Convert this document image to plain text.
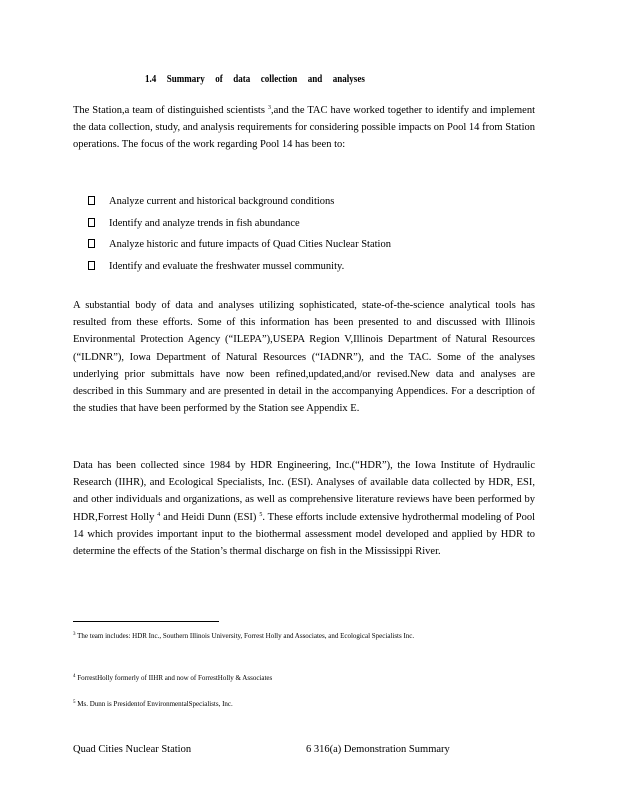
1.4 Summary of data collection and analyses

The Station,a team of distinguished scientists $^3$,and the TAC have worked together to identify and implement the data collection, study, and analysis requirements for considering possible impacts on Pool 14 from Station operations. The focus of the work regarding Pool 14 has been to:

Analyze current and historical background conditions
Identify and analyze trends in fish abundance
Analyze historic and future impacts of Quad Cities Nuclear Station
Identify and evaluate the freshwater mussel community.

A substantial body of data and analyses utilizing sophisticated, state-of-the-science analytical tools has resulted from these efforts. Some of this information has been presented to and discussed with Illinois Environmental Protection Agency (“ILEPA”),USEPA Region V,Illinois Department of Natural Resources (“ILDNR”), Iowa Department of Natural Resources (“IADNR”), and the TAC. Some of the analyses underlying prior submittals have now been refined,updated,and/or revised.New data and analyses are described in this Summary and are presented in detail in the accompanying Appendices. For a description of the studies that have been performed by the Station see Appendix E.

Data has been collected since 1984 by HDR Engineering, Inc.(“HDR”), the Iowa Institute of Hydraulic Research (IIHR), and Ecological Specialists, Inc. (ESI). Analyses of available data collected by HDR, ESI, and other individuals and organizations, as well as comprehensive literature reviews have been performed by HDR,Forrest Holly $^4$ and Heidi Dunn (ESI) $^5$. These efforts include extensive hydrothermal modeling of Pool 14 which provides important input to the biothermal assessment model developed and applied by HDR to determine the effects of the Station’s thermal discharge on fish in the Mississippi River.

$^3$ The team includes: HDR Inc., Southern Illinois University, Forrest Holly and Associates, and Ecological Specialists Inc.

$^4$ ForrestHolly formerly of IIHR and now of ForrestHolly & Associates

$^5$ Ms. Dunn is Presidentof EnvironmentalSpecialists, Inc.

Quad Cities Nuclear Station	6 316(a) Demonstration Summary
